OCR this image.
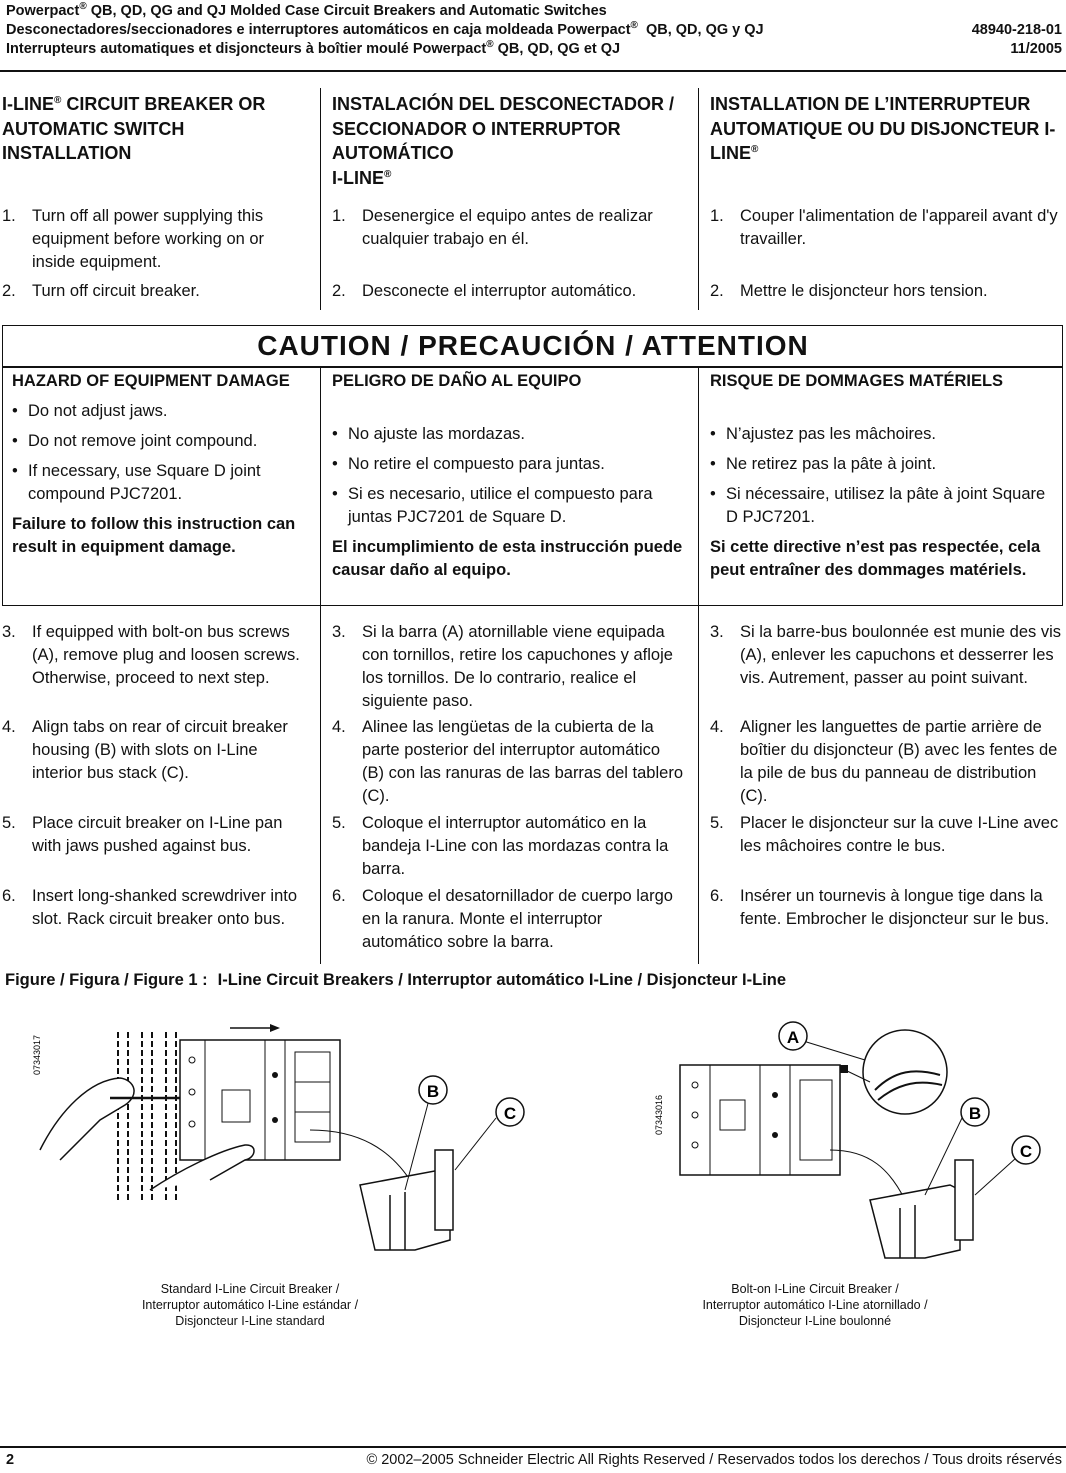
Powerpact® QB, QD, QG and QJ Molded Case Circuit Breakers and Automatic Switches
Desconectadores/seccionadores e interruptores automáticos en caja moldeada Powerpact® QB, QD, QG y QJ	48940-218-01
Interrupteurs automatiques et disjoncteurs à boîtier moulé Powerpact® QB, QD, QG et QJ	11/2005
I-LINE® CIRCUIT BREAKER OR AUTOMATIC SWITCH INSTALLATION
INSTALACIÓN DEL DESCONECTADOR / SECCIONADOR O INTERRUPTOR AUTOMÁTICO
I-LINE®
INSTALLATION DE L’INTERRUPTEUR AUTOMATIQUE OU DU DISJONCTEUR I-LINE®
1. Turn off all power supplying this equipment before working on or inside equipment.
2. Turn off circuit breaker.
1. Desenergice el equipo antes de realizar cualquier trabajo en él.
2. Desconecte el interruptor automático.
1. Couper l'alimentation de l'appareil avant d'y travailler.
2. Mettre le disjoncteur hors tension.
CAUTION / PRECAUCIÓN / ATTENTION
HAZARD OF EQUIPMENT DAMAGE
• Do not adjust jaws.
• Do not remove joint compound.
• If necessary, use Square D joint compound PJC7201.
Failure to follow this instruction can result in equipment damage.
PELIGRO DE DAÑO AL EQUIPO
• No ajuste las mordazas.
• No retire el compuesto para juntas.
• Si es necesario, utilice el compuesto para juntas PJC7201 de Square D.
El incumplimiento de esta instrucción puede causar daño al equipo.
RISQUE DE DOMMAGES MATÉRIELS
• N’ajustez pas les mâchoires.
• Ne retirez pas la pâte à joint.
• Si nécessaire, utilisez la pâte à joint Square D PJC7201.
Si cette directive n’est pas respectée, cela peut entraîner des dommages matériels.
3. If equipped with bolt-on bus screws (A), remove plug and loosen screws. Otherwise, proceed to next step.
4. Align tabs on rear of circuit breaker housing (B) with slots on I-Line interior bus stack (C).
5. Place circuit breaker on I-Line pan with jaws pushed against bus.
6. Insert long-shanked screwdriver into slot. Rack circuit breaker onto bus.
3. Si la barra (A) atornillable viene equipada con tornillos, retire los capuchones y afloje los tornillos. De lo contrario, realice el siguiente paso.
4. Alinee las lengüetas de la cubierta de la parte posterior del interruptor automático (B) con las ranuras de las barras del tablero (C).
5. Coloque el interruptor automático en la bandeja I-Line con las mordazas contra la barra.
6. Coloque el desatornillador de cuerpo largo en la ranura. Monte el interruptor automático sobre la barra.
3. Si la barre-bus boulonnée est munie des vis (A), enlever les capuchons et desserrer les vis. Autrement, passer au point suivant.
4. Aligner les languettes de partie arrière de boîtier du disjoncteur (B) avec les fentes de la pile de bus du panneau de distribution (C).
5. Placer le disjoncteur sur la cuve I-Line avec les mâchoires contre le bus.
6. Insérer un tournevis à longue tige dans la fente. Embrocher le disjoncteur sur le bus.
Figure / Figura / Figure 1 : I-Line Circuit Breakers / Interruptor automático I-Line / Disjoncteur I-Line
B
C
07343017
Standard I-Line Circuit Breaker /
Interruptor automático I-Line estándar /
Disjoncteur I-Line standard
A
B
C
07343016
Bolt-on I-Line Circuit Breaker /
Interruptor automático I-Line atornillado /
Disjoncteur I-Line boulonné
2	© 2002–2005 Schneider Electric All Rights Reserved / Reservados todos los derechos / Tous droits réservés
